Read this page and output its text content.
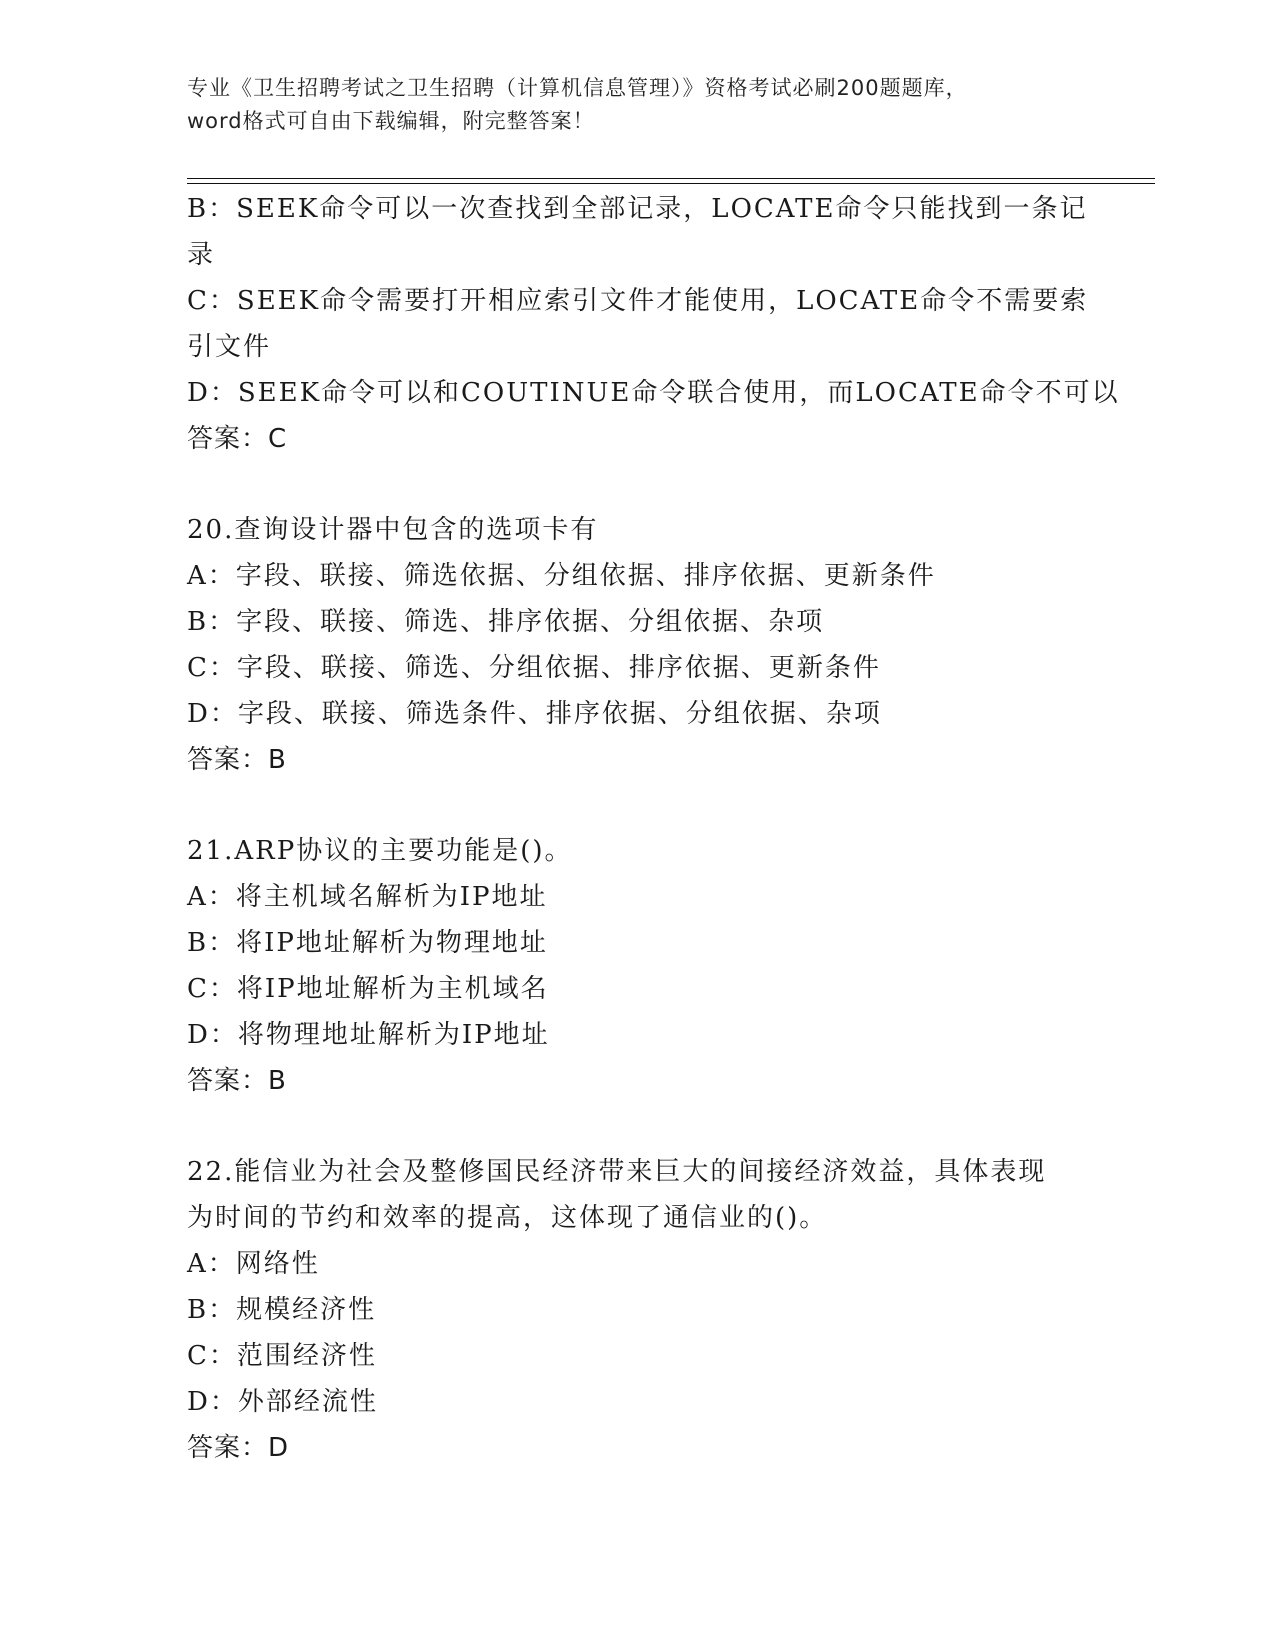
专业《卫生招聘考试之卫生招聘（计算机信息管理）》资格考试必刷200题题库，
word格式可自由下载编辑，附完整答案！
B：SEEK命令可以一次查找到全部记录，LOCATE命令只能找到一条记
录
C：SEEK命令需要打开相应索引文件才能使用，LOCATE命令不需要索
引文件
D：SEEK命令可以和COUTINUE命令联合使用，而LOCATE命令不可以
答案：C
20.查询设计器中包含的选项卡有
A：字段、联接、筛选依据、分组依据、排序依据、更新条件
B：字段、联接、筛选、排序依据、分组依据、杂项
C：字段、联接、筛选、分组依据、排序依据、更新条件
D：字段、联接、筛选条件、排序依据、分组依据、杂项
答案：B
21.ARP协议的主要功能是()。
A：将主机域名解析为IP地址
B：将IP地址解析为物理地址
C：将IP地址解析为主机域名
D：将物理地址解析为IP地址
答案：B
22.能信业为社会及整修国民经济带来巨大的间接经济效益，具体表现
为时间的节约和效率的提高，这体现了通信业的()。
A：网络性
B：规模经济性
C：范围经济性
D：外部经流性
答案：D
